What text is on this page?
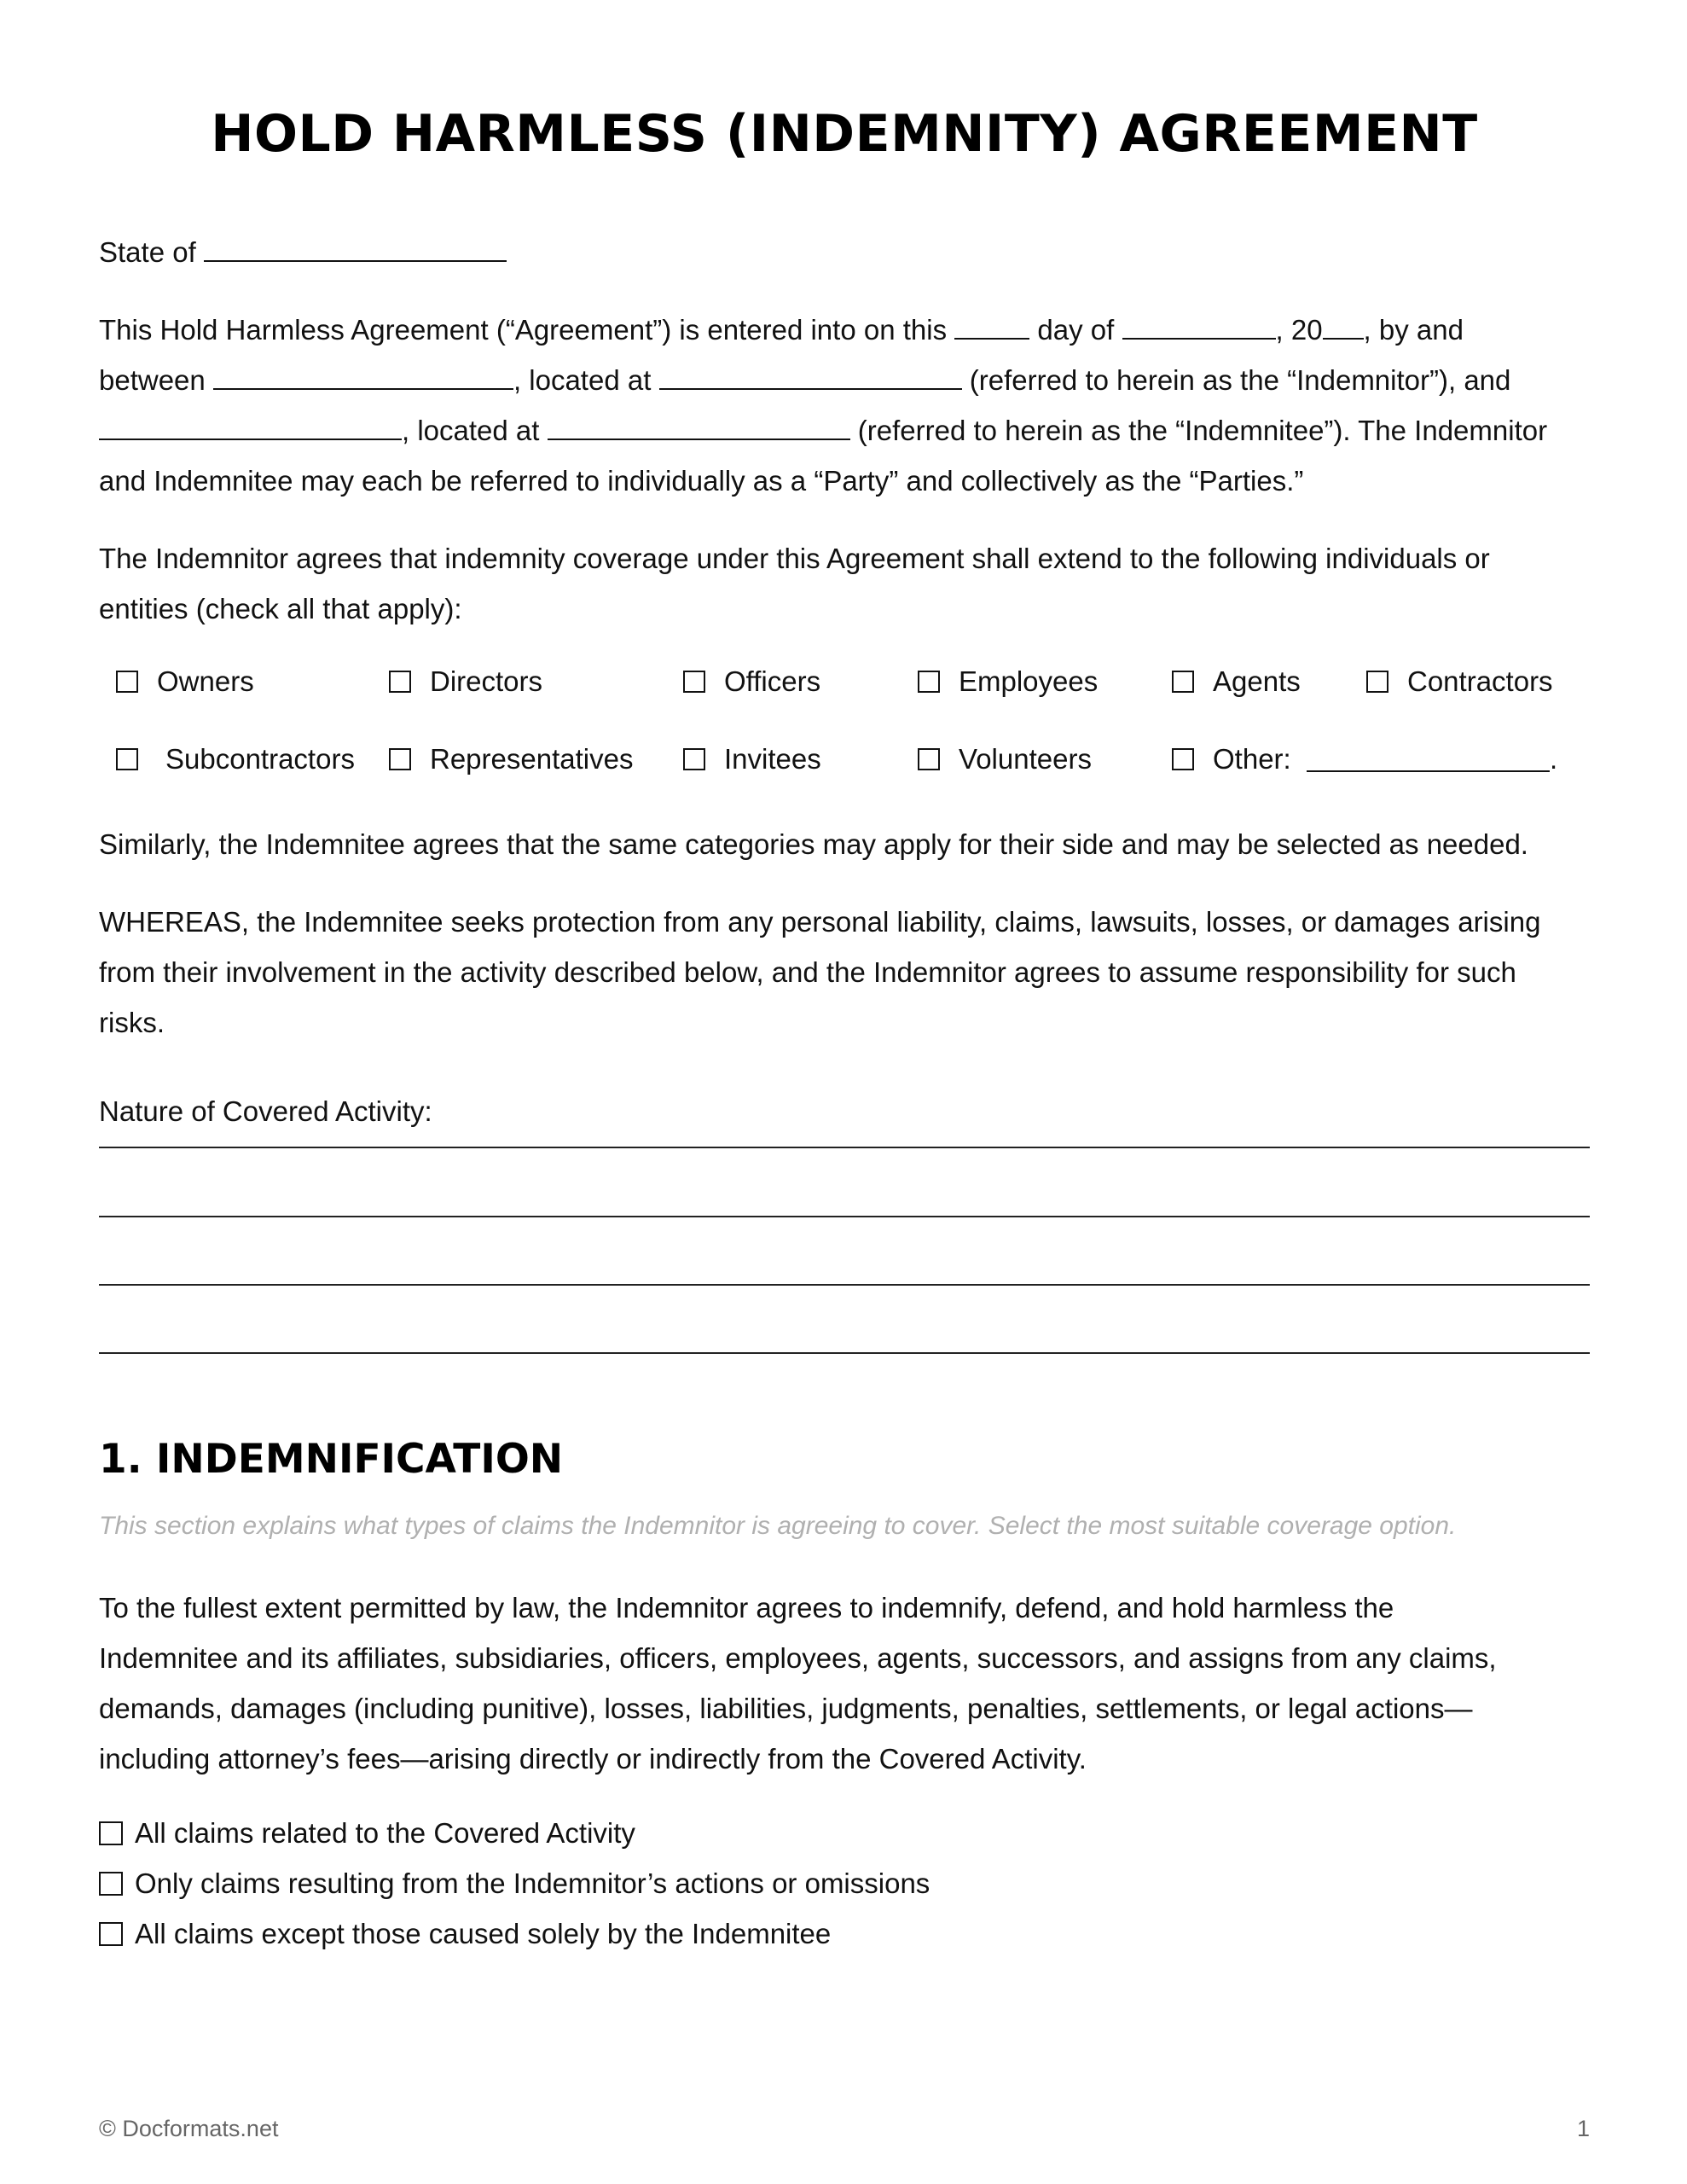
HOLD HARMLESS (INDEMNITY) AGREEMENT
State of
This Hold Harmless Agreement (“Agreement”) is entered into on this	day of	, 20 , by and
between	, located at	(referred to herein as the “Indemnitor”), and
, located at	(referred to herein as the “Indemnitee”). The Indemnitor
and Indemnitee may each be referred to individually as a “Party” and collectively as the “Parties.”
The Indemnitor agrees that indemnity coverage under this Agreement shall extend to the following individuals or
entities (check all that apply):
Owners	Directors	Officers	Employees	Agents	Contractors
Subcontractors	Representatives	Invitees	Volunteers	Other:
	.
Similarly, the Indemnitee agrees that the same categories may apply for their side and may be selected as needed.
WHEREAS, the Indemnitee seeks protection from any personal liability, claims, lawsuits, losses, or damages arising
from their involvement in the activity described below, and the Indemnitor agrees to assume responsibility for such
risks.
Nature of Covered Activity:
1. INDEMNIFICATION
This section explains what types of claims the Indemnitor is agreeing to cover. Select the most suitable coverage option.
To the fullest extent permitted by law, the Indemnitor agrees to indemnify, defend, and hold harmless the
Indemnitee and its affiliates, subsidiaries, officers, employees, agents, successors, and assigns from any claims,
demands, damages (including punitive), losses, liabilities, judgments, penalties, settlements, or legal actions—
including attorney’s fees—arising directly or indirectly from the Covered Activity.
All claims related to the Covered Activity
Only claims resulting from the Indemnitor’s actions or omissions
All claims except those caused solely by the Indemnitee
© Docformats.net	1
